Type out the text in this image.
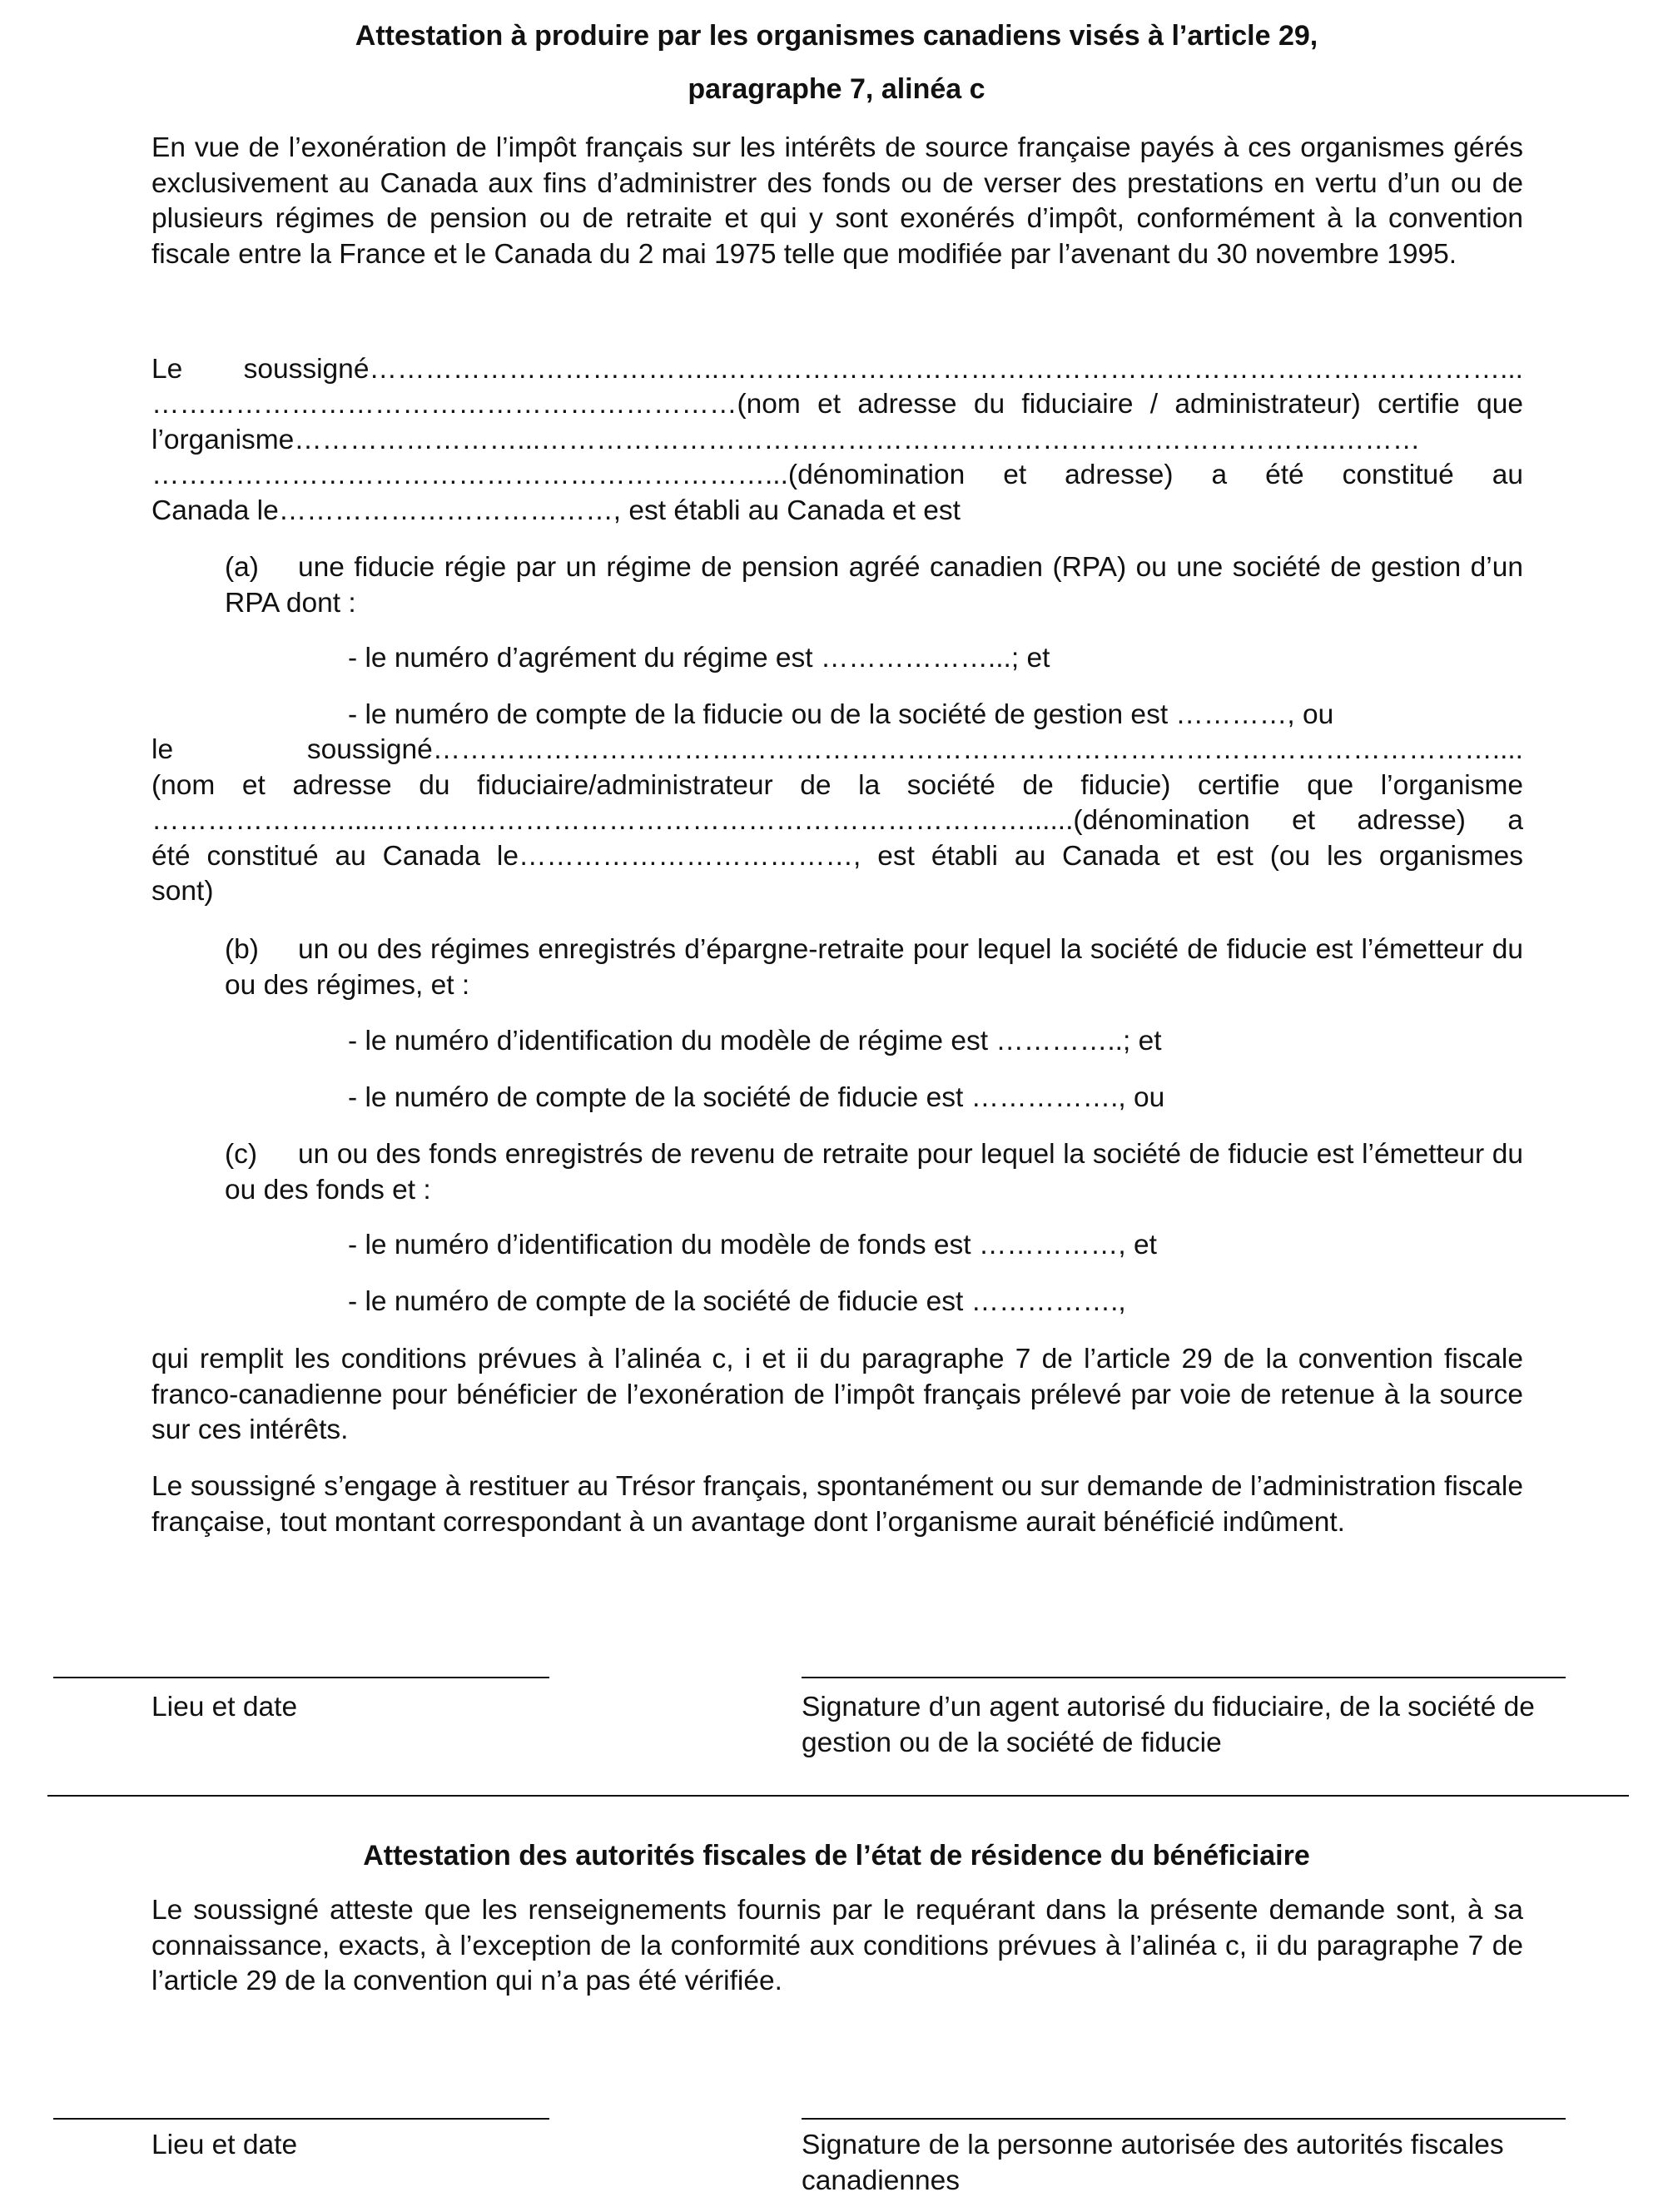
Attestation à produire par les organismes canadiens visés à l’article 29,

paragraphe 7, alinéa c

En vue de l’exonération de l’impôt français sur les intérêts de source française payés à ces organismes gérés exclusivement au Canada aux fins d’administrer des fonds ou de verser des prestations en vertu d’un ou de plusieurs régimes de pension ou de retraite et qui y sont exonérés d’impôt, conformément à la convention fiscale entre la France et le Canada du 2 mai 1975 telle que modifiée par l’avenant du 30 novembre 1995.

Le soussigné………………………………..…………………………………………………………………………...

………………………………………………………(nom et adresse du fiduciaire / administrateur) certifie que

l’organisme……………………...…………………………………………………………………………..………

…………………………………………………………...(dénomination et adresse) a été constitué au

Canada le………………………………, est établi au Canada et est

(a) une fiducie régie par un régime de pension agréé canadien (RPA) ou une société de gestion d’un RPA dont :

- le numéro d’agrément du régime est ………………...; et

- le numéro de compte de la fiducie ou de la société de gestion est …………, ou

le soussigné……………………………………………………………………………………………………....

(nom et adresse du fiduciaire/administrateur de la société de fiducie) certifie que l’organisme

………………….....……………………………………………………………......(dénomination et adresse) a

été constitué au Canada le………………………………, est établi au Canada et est (ou les organismes

sont)

(b) un ou des régimes enregistrés d’épargne-retraite pour lequel la société de fiducie est l’émetteur du ou des régimes, et :

- le numéro d’identification du modèle de régime est …………..; et

- le numéro de compte de la société de fiducie est ……………., ou

(c) un ou des fonds enregistrés de revenu de retraite pour lequel la société de fiducie est l’émetteur du ou des fonds et :

- le numéro d’identification du modèle de fonds est ……………, et

- le numéro de compte de la société de fiducie est …………….,

qui remplit les conditions prévues à l’alinéa c, i et ii du paragraphe 7 de l’article 29 de la convention fiscale franco-canadienne pour bénéficier de l’exonération de l’impôt français prélevé par voie de retenue à la source sur ces intérêts.

Le soussigné s’engage à restituer au Trésor français, spontanément ou sur demande de l’administration fiscale française, tout montant correspondant à un avantage dont l’organisme aurait bénéficié indûment.

Lieu et date	Signature d’un agent autorisé du fiduciaire, de la société de gestion ou de la société de fiducie

Attestation des autorités fiscales de l’état de résidence du bénéficiaire

Le soussigné atteste que les renseignements fournis par le requérant dans la présente demande sont, à sa connaissance, exacts, à l’exception de la conformité aux conditions prévues à l’alinéa c, ii du paragraphe 7 de l’article 29 de la convention qui n’a pas été vérifiée.

Lieu et date	Signature de la personne autorisée des autorités fiscales canadiennes
